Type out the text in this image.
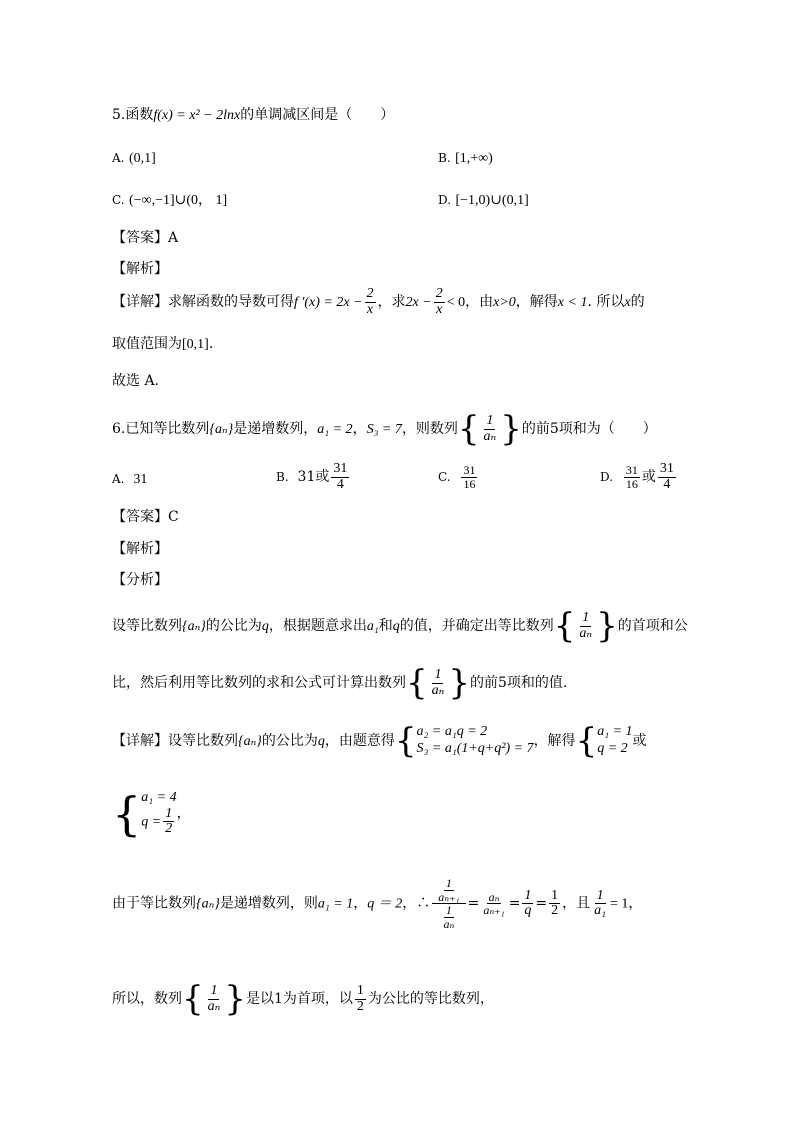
5.函数f(x) = x² − 2lnx的单调减区间是（　　）
A. (0,1]	B. [1,+∞)
C. (−∞,−1]∪(0， 1]	D. [−1,0)∪(0,1]
【答案】A
【解析】
【详解】求解函数的导数可得f '$(x) = 2x - \frac{2}{x}$ ，求$2x - \frac{2}{x} < 0$，由x>0，解得x < 1. 所以x的
取值范围为[0,1].
故选 A.
6.已知等比数列{aₙ}是递增数列，a₁ = 2，S₃ = 7，则数列 { $\frac{1}{\text{aₙ}}$ } 的前5项和为（　　）
A. 31	B. 31或 $\frac{31}{4}$	C. $\frac{31}{16}$	D. $\frac{31}{16}$ 或 $\frac{31}{4}$
【答案】C
【解析】
【分析】
设等比数列{aₙ}的公比为q，根据题意求出a₁和q的值，并确定出等比数列 { $\frac{1}{\text{aₙ}}$ } 的首项和公
比，然后利用等比数列的求和公式可计算出数列 { $\frac{1}{\text{aₙ}}$ } 的前5项和的值.
【详解】设等比数列{aₙ}的公比为q，由题意得 { a₂ = a₁q = 2
S₃ = a₁(1+q+q²) = 7 ，解得 { a₁ = 1
q = 2 或
{ a₁ = 4
$q = \frac{1}{2}$ ，
由于等比数列{aₙ}是递增数列，则a₁ = 1，q ＝ 2，∴ $\frac{\frac{1}{\text{aₙ₊₁}}}{\frac{1}{\text{aₙ}}} = \frac{\text{aₙ}}{\text{aₙ₊₁}} = \frac{1}{q} = \frac{1}{2}$ ，且 $\frac{1}{\text{a₁}} = 1$，
所以，数列 { $\frac{1}{\text{aₙ}}$ } 是以1为首项，以 $\frac{1}{2}$ 为公比的等比数列，
